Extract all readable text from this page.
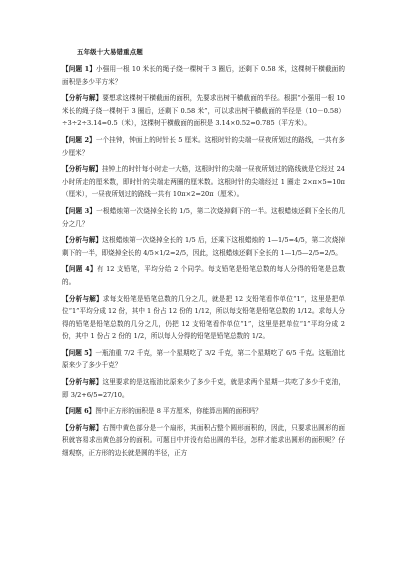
五年级十大易错重点题

【问题 1】小强用一根 10 米长的绳子绕一棵树干 3 圈后，还剩下 0.58 米，这棵树干横截面的面积是多少平方米？

【分析与解】要想求这棵树干横截面的面积，先要求出树干横截面的半径。根据“小强用一根 10 米长的绳子绕一棵树干 3 圈后，还剩下 0.58 米”，可以求出树干横截面的半径是（10－0.58）÷3÷2÷3.14=0.5（米），这棵树干横截面的面积是 3.14×0.52=0.785（平方米）。

【问题 2】一个挂钟，钟面上的时针长 5 厘米。这根时针的尖端一昼夜所划过的路线，一共有多少厘米？

【分析与解】挂钟上的时针每小时走一大格，这根时针的尖端一昼夜所划过的路线就是它经过 24 小时所走的厘米数，即时针的尖端走两圈的厘米数。这根时针的尖端经过 1 圈走 2×π×5=10π（厘米），一昼夜所划过的路线一共有 10π×2=20π（厘米）。

【问题 3】一根蜡烛第一次烧掉全长的 1/5，第二次烧掉剩下的一半。这根蜡烛还剩下全长的几分之几？

【分析与解】这根蜡烛第一次烧掉全长的 1/5 后，还乘下这根蜡烛的 1—1/5=4/5，第二次烧掉剩下的一半，即烧掉全长的 4/5×1/2=2/5，因此，这根蜡烛还剩下全长的 1—1/5—2/5=2/5。

【问题 4】有 12 支铅笔，平均分给 2 个同学。每支铅笔是铅笔总数的每人分得的铅笔是总数的。

【分析与解】求每支铅笔是铅笔总数的几分之几，就是把 12 支铅笔看作单位“1”，这里是把单位“1”平均分成 12 份，其中 1 份占 12 份的 1/12，所以每支铅笔是铅笔总数的 1/12。求每人分得的铅笔是铅笔总数的几分之几，仍把 12 支铅笔看作单位“1”，这里是把单位“1”平均分成 2 份，其中 1 份占 2 份的 1/2，所以每人分得的铅笔是铅笔总数的 1/2。

【问题 5】一瓶油重 7/2 千克，第一个星期吃了 3/2 千克，第二个星期吃了 6/5 千克。这瓶油比原来少了多少千克？

【分析与解】这里要求的是这瓶油比原来少了多少千克，就是求两个星期一共吃了多少千克油，即 3/2+6/5=27/10。

【问题 6】图中正方形的面积是 8 平方厘米，你能算出圆的面积吗？

【分析与解】右图中黄色部分是一个扇形，其面积占整个圆形面积的，因此，只要求出圆形的面积就容易求出黄色部分的面积。可题目中并没有给出圆的半径，怎样才能求出圆形的面积呢？仔细观察，正方形的边长就是圆的半径，正方
